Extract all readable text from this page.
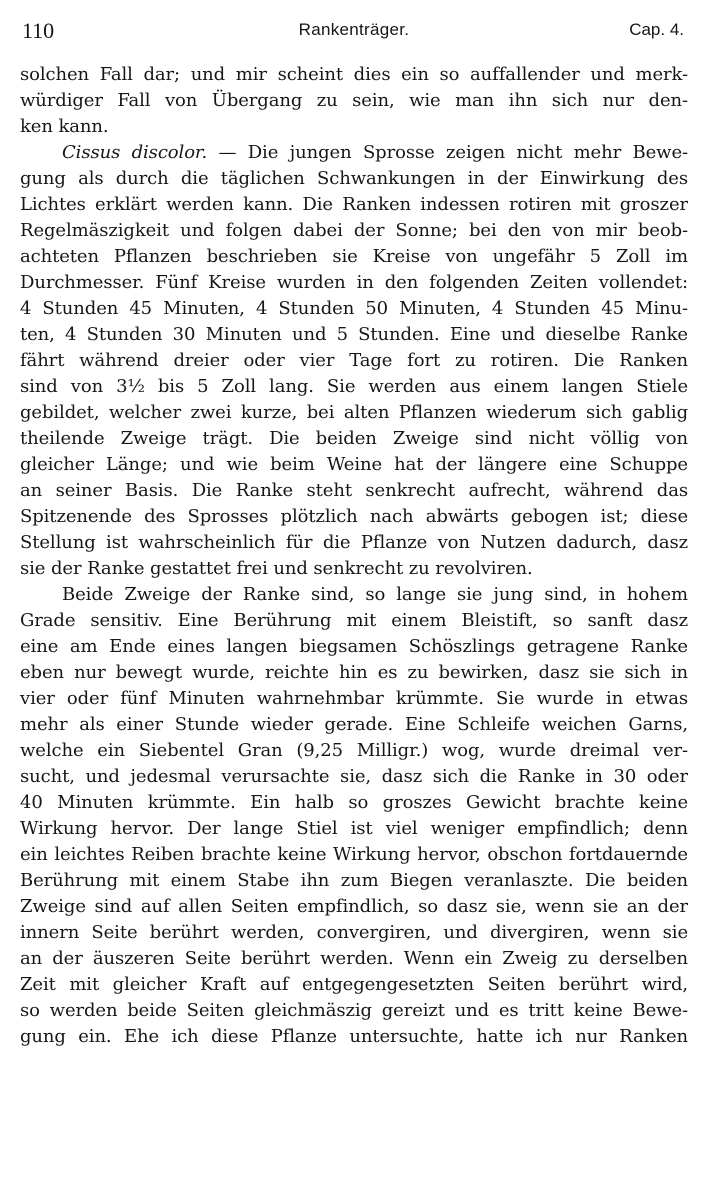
110	Rankenträger.	Cap. 4.
solchen Fall dar; und mir scheint dies ein so auffallender und merk-
würdiger Fall von Übergang zu sein, wie man ihn sich nur den-
ken kann.
Cissus discolor. — Die jungen Sprosse zeigen nicht mehr Bewe-
gung als durch die täglichen Schwankungen in der Einwirkung des
Lichtes erklärt werden kann. Die Ranken indessen rotiren mit groszer
Regelmäszigkeit und folgen dabei der Sonne; bei den von mir beob-
achteten Pflanzen beschrieben sie Kreise von ungefähr 5 Zoll im
Durchmesser. Fünf Kreise wurden in den folgenden Zeiten vollendet:
4 Stunden 45 Minuten, 4 Stunden 50 Minuten, 4 Stunden 45 Minu-
ten, 4 Stunden 30 Minuten und 5 Stunden. Eine und dieselbe Ranke
fährt während dreier oder vier Tage fort zu rotiren. Die Ranken
sind von 3½ bis 5 Zoll lang. Sie werden aus einem langen Stiele
gebildet, welcher zwei kurze, bei alten Pflanzen wiederum sich gablig
theilende Zweige trägt. Die beiden Zweige sind nicht völlig von
gleicher Länge; und wie beim Weine hat der längere eine Schuppe
an seiner Basis. Die Ranke steht senkrecht aufrecht, während das
Spitzenende des Sprosses plötzlich nach abwärts gebogen ist; diese
Stellung ist wahrscheinlich für die Pflanze von Nutzen dadurch, dasz
sie der Ranke gestattet frei und senkrecht zu revolviren.
Beide Zweige der Ranke sind, so lange sie jung sind, in hohem
Grade sensitiv. Eine Berührung mit einem Bleistift, so sanft dasz
eine am Ende eines langen biegsamen Schöszlings getragene Ranke
eben nur bewegt wurde, reichte hin es zu bewirken, dasz sie sich in
vier oder fünf Minuten wahrnehmbar krümmte. Sie wurde in etwas
mehr als einer Stunde wieder gerade. Eine Schleife weichen Garns,
welche ein Siebentel Gran (9,25 Milligr.) wog, wurde dreimal ver-
sucht, und jedesmal verursachte sie, dasz sich die Ranke in 30 oder
40 Minuten krümmte. Ein halb so groszes Gewicht brachte keine
Wirkung hervor. Der lange Stiel ist viel weniger empfindlich; denn
ein leichtes Reiben brachte keine Wirkung hervor, obschon fortdauernde
Berührung mit einem Stabe ihn zum Biegen veranlaszte. Die beiden
Zweige sind auf allen Seiten empfindlich, so dasz sie, wenn sie an der
innern Seite berührt werden, convergiren, und divergiren, wenn sie
an der äuszeren Seite berührt werden. Wenn ein Zweig zu derselben
Zeit mit gleicher Kraft auf entgegengesetzten Seiten berührt wird,
so werden beide Seiten gleichmäszig gereizt und es tritt keine Bewe-
gung ein. Ehe ich diese Pflanze untersuchte, hatte ich nur Ranken
